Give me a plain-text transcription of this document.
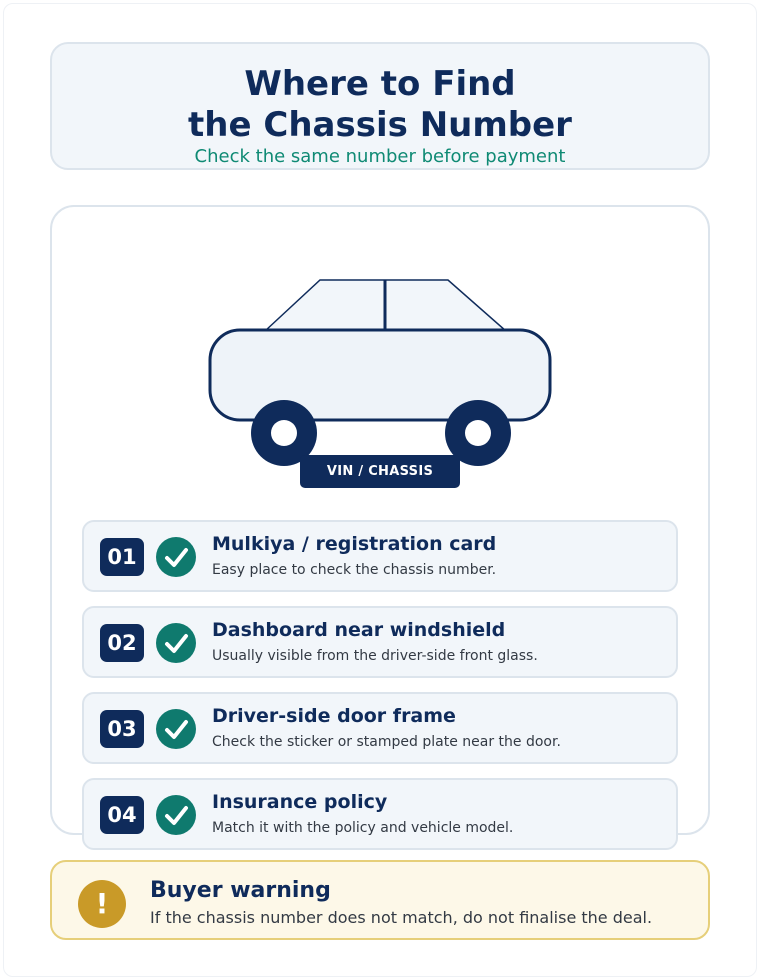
Where to Find
the Chassis Number
Check the same number before payment
VIN / CHASSIS
01
Mulkiya / registration card
Easy place to check the chassis number.
02
Dashboard near windshield
Usually visible from the driver-side front glass.
03
Driver-side door frame
Check the sticker or stamped plate near the door.
04
Insurance policy
Match it with the policy and vehicle model.
!	Buyer warning
If the chassis number does not match, do not finalise the deal.
